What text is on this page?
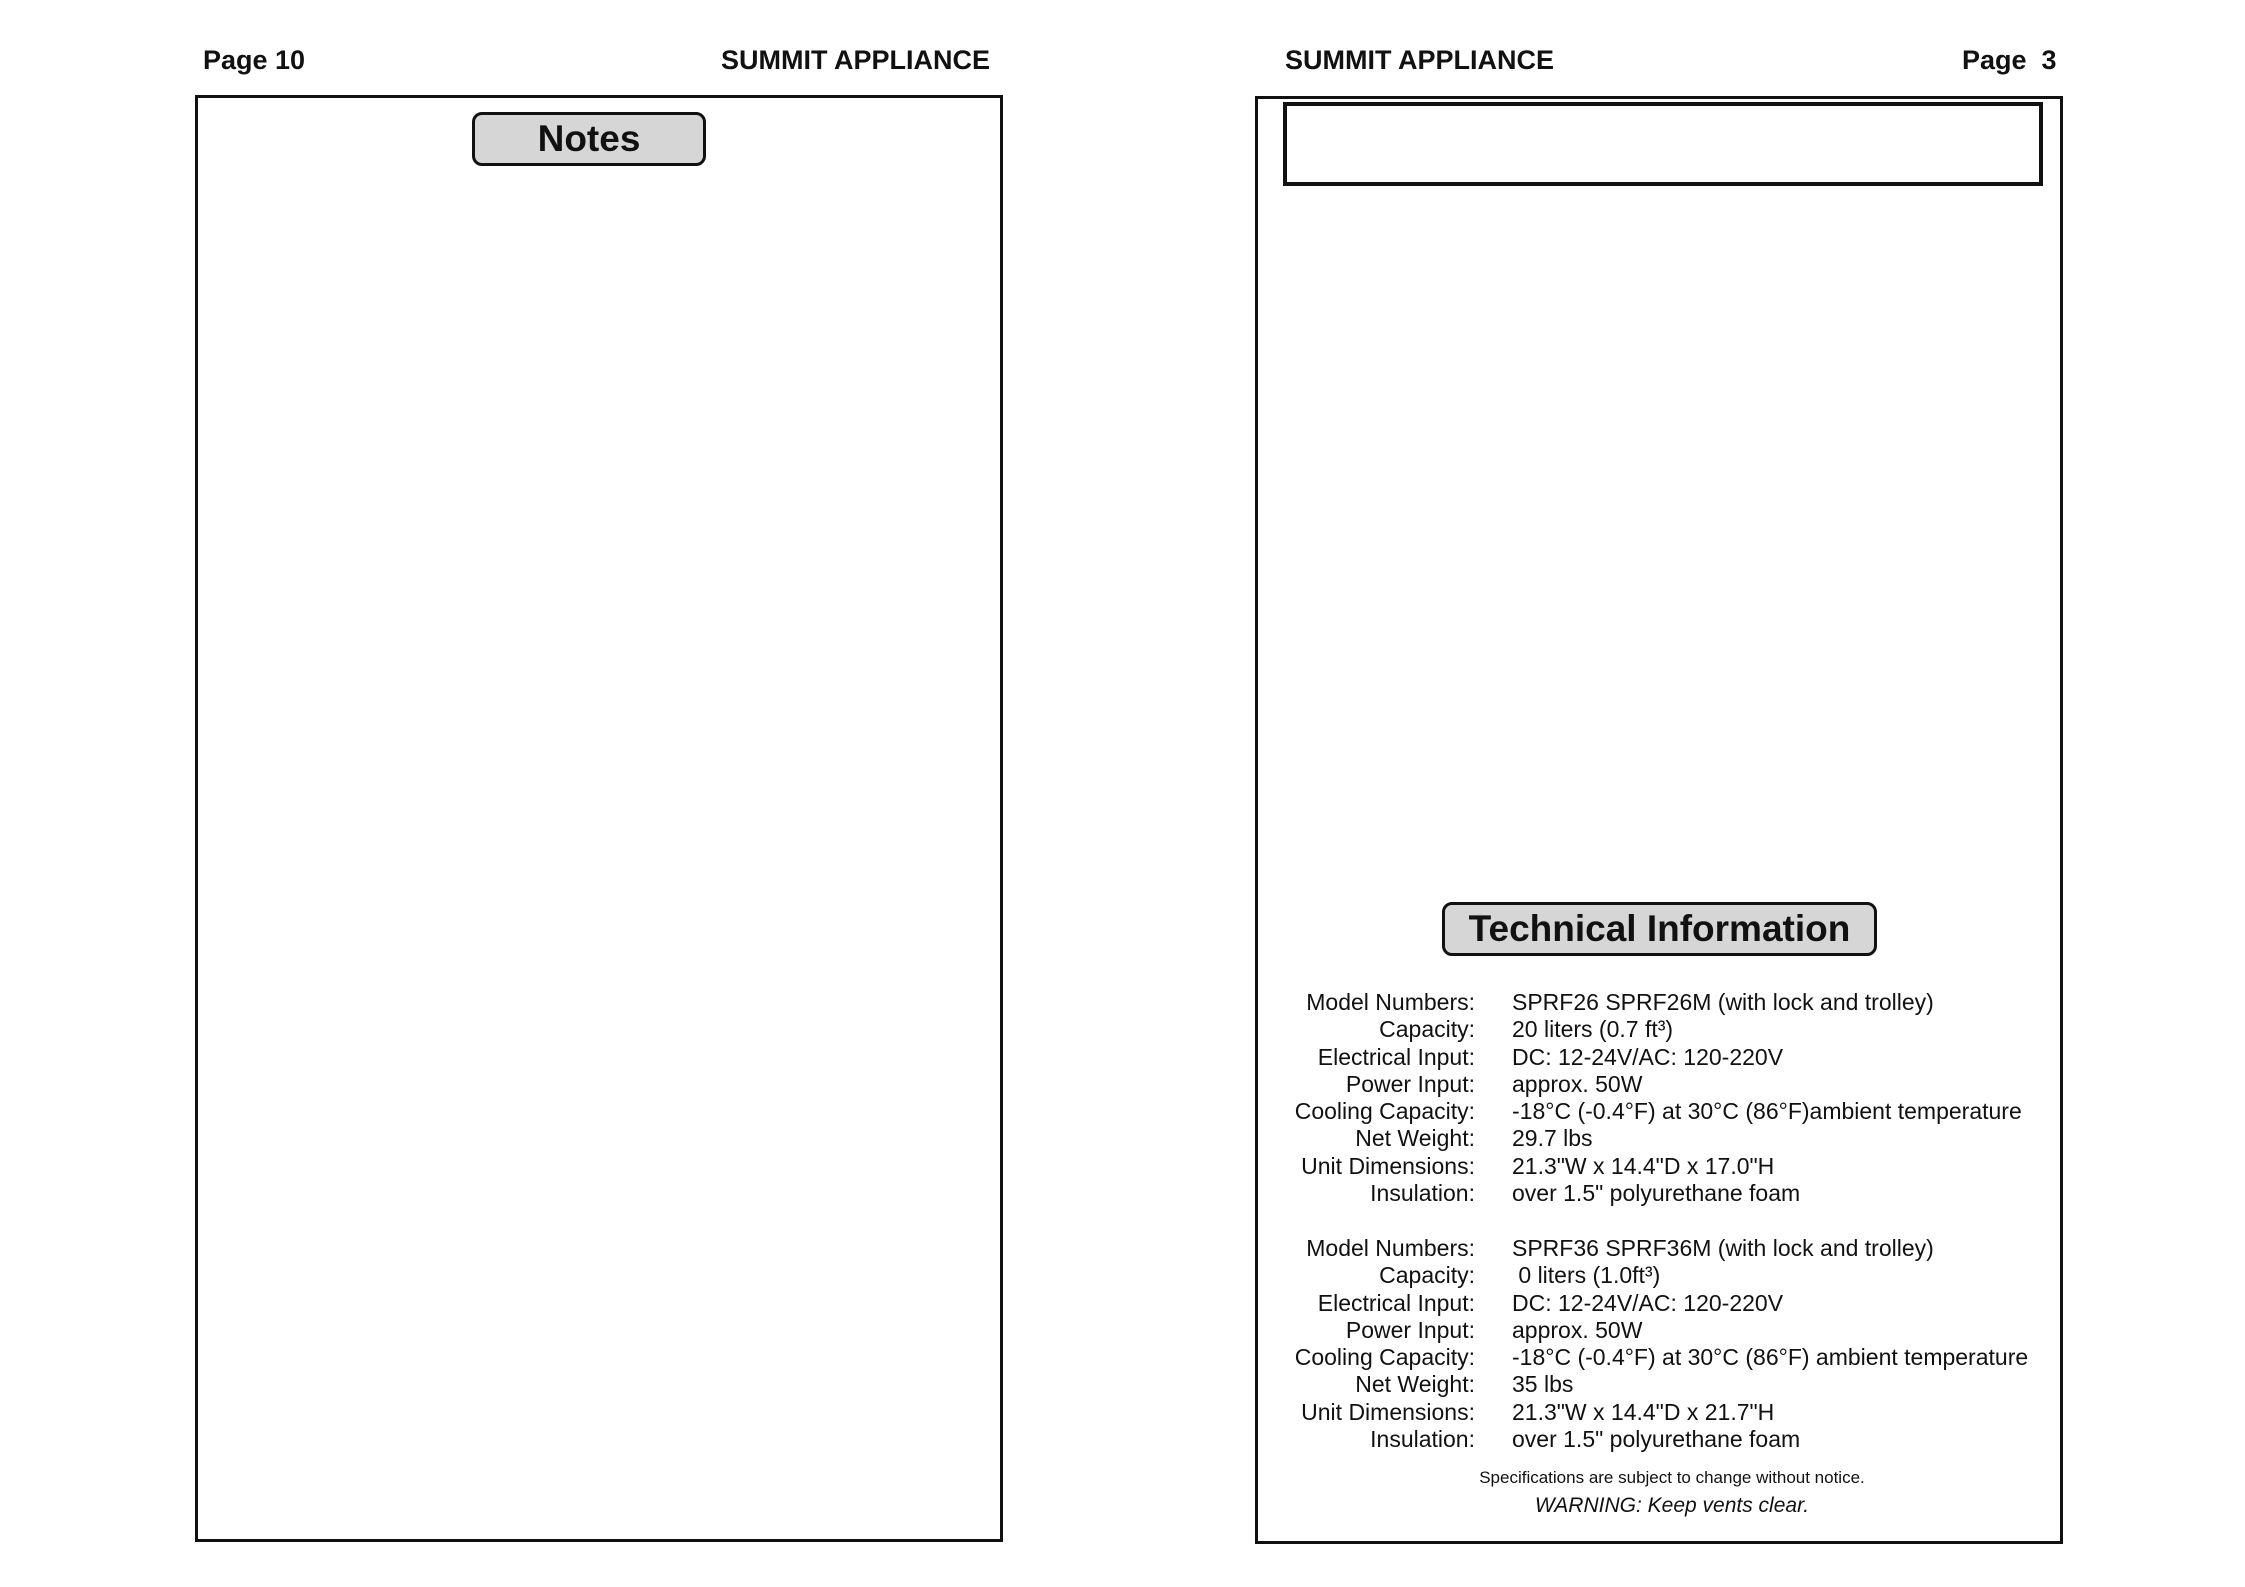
Page 10	SUMMIT APPLIANCE
Notes
SUMMIT APPLIANCE	Page  3
Technical Information
Model Numbers: SPRF26 SPRF26M (with lock and trolley)
Capacity: 20 liters (0.7 ft³)
Electrical Input: DC: 12-24V/AC: 120-220V
Power Input: approx. 50W
Cooling Capacity: -18°C (-0.4°F) at 30°C (86°F)ambient temperature
Net Weight: 29.7 lbs
Unit Dimensions: 21.3"W x 14.4"D x 17.0"H
Insulation: over 1.5" polyurethane foam
Model Numbers: SPRF36 SPRF36M (with lock and trolley)
Capacity: 0 liters (1.0ft³)
Electrical Input: DC: 12-24V/AC: 120-220V
Power Input: approx. 50W
Cooling Capacity: -18°C (-0.4°F) at 30°C (86°F) ambient temperature
Net Weight: 35 lbs
Unit Dimensions: 21.3"W x 14.4"D x 21.7"H
Insulation: over 1.5" polyurethane foam
Specifications are subject to change without notice.
WARNING: Keep vents clear.
